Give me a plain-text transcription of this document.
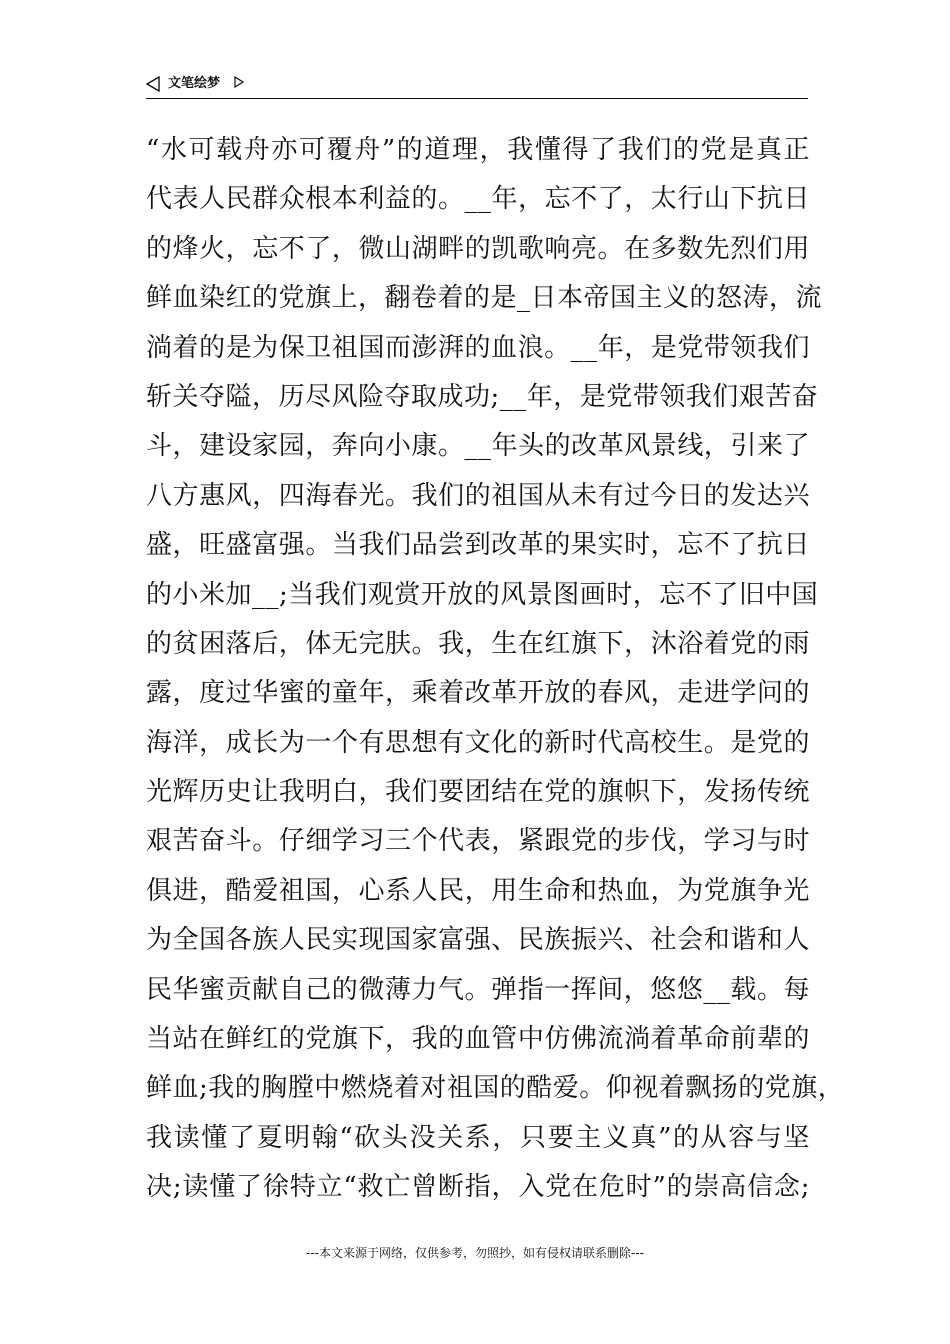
文笔绘梦
“水可载舟亦可覆舟”的道理，我懂得了我们的党是真正
代表人民群众根本利益的。__年，忘不了，太行山下抗日
的烽火，忘不了，微山湖畔的凯歌响亮。在多数先烈们用
鲜血染红的党旗上，翻卷着的是_日本帝国主义的怒涛，流
淌着的是为保卫祖国而澎湃的血浪。__年，是党带领我们
斩关夺隘，历尽风险夺取成功;__年，是党带领我们艰苦奋
斗，建设家园，奔向小康。__年头的改革风景线，引来了
八方惠风，四海春光。我们的祖国从未有过今日的发达兴
盛，旺盛富强。当我们品尝到改革的果实时，忘不了抗日
的小米加__;当我们观赏开放的风景图画时，忘不了旧中国
的贫困落后，体无完肤。我，生在红旗下，沐浴着党的雨
露，度过华蜜的童年，乘着改革开放的春风，走进学问的
海洋，成长为一个有思想有文化的新时代高校生。是党的
光辉历史让我明白，我们要团结在党的旗帜下，发扬传统
艰苦奋斗。仔细学习三个代表，紧跟党的步伐，学习与时
俱进，酷爱祖国，心系人民，用生命和热血，为党旗争光
为全国各族人民实现国家富强、民族振兴、社会和谐和人
民华蜜贡献自己的微薄力气。弹指一挥间，悠悠__载。每
当站在鲜红的党旗下，我的血管中仿佛流淌着革命前辈的
鲜血;我的胸膛中燃烧着对祖国的酷爱。仰视着飘扬的党旗，
我读懂了夏明翰“砍头没关系，只要主义真”的从容与坚
决;读懂了徐特立“救亡曾断指，入党在危时”的崇高信念;
---本文来源于网络，仅供参考，勿照抄，如有侵权请联系删除---
